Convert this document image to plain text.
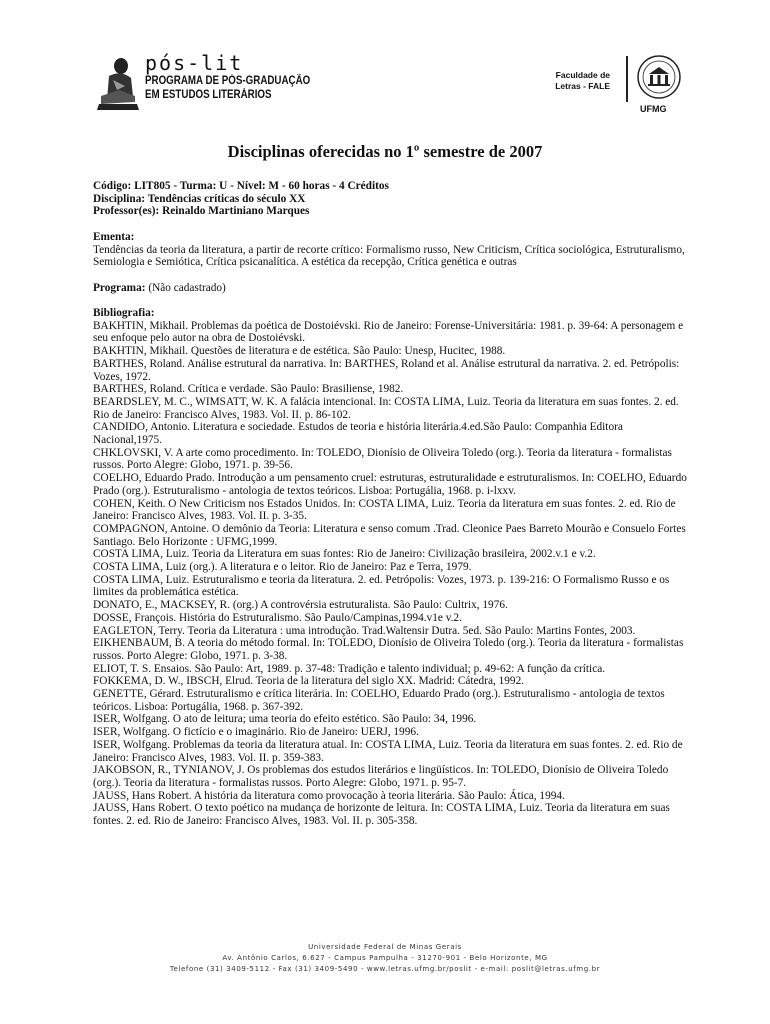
pós-lit
PROGRAMA DE PÓS-GRADUAÇÃO
EM ESTUDOS LITERÁRIOS
Faculdade de
Letras - FALE
UFMG
Disciplinas oferecidas no 1º semestre de 2007
Código: LIT805 - Turma: U - Nível: M - 60 horas - 4 Créditos
Disciplina: Tendências críticas do século XX
Professor(es): Reinaldo Martiniano Marques
Ementa:

Tendências da teoria da literatura, a partir de recorte crítico: Formalismo russo, New Criticism, Crítica sociológica, Estruturalismo, Semiologia e Semiótica, Crítica psicanalítica. A estética da recepção, Crítica genética e outras

Programa: (Não cadastrado)
Bibliografia:

BAKHTIN, Mikhail. Problemas da poética de Dostoiévski. Rio de Janeiro: Forense-Universitária: 1981. p. 39-64: A personagem e seu enfoque pelo autor na obra de Dostoiévski.

BAKHTIN, Mikhail. Questões de literatura e de estética. São Paulo: Unesp, Hucitec, 1988.

BARTHES, Roland. Análise estrutural da narrativa. In: BARTHES, Roland et al. Análise estrutural da narrativa. 2. ed. Petrópolis: Vozes, 1972.

BARTHES, Roland. Crítica e verdade. São Paulo: Brasiliense, 1982.

BEARDSLEY, M. C., WIMSATT, W. K. A falácia intencional. In: COSTA LIMA, Luiz. Teoria da literatura em suas fontes. 2. ed. Rio de Janeiro: Francisco Alves, 1983. Vol. II. p. 86-102.

CANDIDO, Antonio. Literatura e sociedade. Estudos de teoria e história literária.4.ed.São Paulo: Companhia Editora Nacional,1975.

CHKLOVSKI, V. A arte como procedimento. In: TOLEDO, Dionísio de Oliveira Toledo (org.). Teoria da literatura - formalistas russos. Porto Alegre: Globo, 1971. p. 39-56.

COELHO, Eduardo Prado. Introdução a um pensamento cruel: estruturas, estruturalidade e estruturalismos. In: COELHO, Eduardo Prado (org.). Estruturalismo - antologia de textos teóricos. Lisboa: Portugália, 1968. p. i-lxxv.

COHEN, Keith. O New Criticism nos Estados Unidos. In: COSTA LIMA, Luiz. Teoria da literatura em suas fontes. 2. ed. Rio de Janeiro: Francisco Alves, 1983. Vol. II. p. 3-35.

COMPAGNON, Antoine. O demônio da Teoria: Literatura e senso comum .Trad. Cleonice Paes Barreto Mourão e Consuelo Fortes Santiago. Belo Horizonte : UFMG,1999.

COSTA LIMA, Luiz. Teoria da Literatura em suas fontes: Rio de Janeiro: Civilização brasileira, 2002.v.1 e v.2.

COSTA LIMA, Luiz (org.). A literatura e o leitor. Rio de Janeiro: Paz e Terra, 1979.

COSTA LIMA, Luiz. Estruturalismo e teoria da literatura. 2. ed. Petrópolis: Vozes, 1973. p. 139-216: O Formalismo Russo e os limites da problemática estética.

DONATO, E., MACKSEY, R. (org.) A controvérsia estruturalista. São Paulo: Cultrix, 1976.

DOSSE, François. História do Estruturalismo. São Paulo/Campinas,1994.v1e v.2.

EAGLETON, Terry. Teoria da Literatura : uma introdução. Trad.Waltensir Dutra. 5ed. São Paulo: Martins Fontes, 2003.

EIKHENBAUM, B. A teoria do método formal. In: TOLEDO, Dionísio de Oliveira Toledo (org.). Teoria da literatura - formalistas russos. Porto Alegre: Globo, 1971. p. 3-38.

ELIOT, T. S. Ensaios. São Paulo: Art, 1989. p. 37-48: Tradição e talento individual; p. 49-62: A função da crítica.

FOKKEMA, D. W., IBSCH, Elrud. Teoria de la literatura del siglo XX. Madrid: Cátedra, 1992.

GENETTE, Gérard. Estruturalismo e crítica literária. In: COELHO, Eduardo Prado (org.). Estruturalismo - antologia de textos teóricos. Lisboa: Portugália, 1968. p. 367-392.

ISER, Wolfgang. O ato de leitura; uma teoria do efeito estético. São Paulo: 34, 1996.

ISER, Wolfgang. O fictício e o imaginário. Rio de Janeiro: UERJ, 1996.

ISER, Wolfgang. Problemas da teoria da literatura atual. In: COSTA LIMA, Luiz. Teoria da literatura em suas fontes. 2. ed. Rio de Janeiro: Francisco Alves, 1983. Vol. II. p. 359-383.

JAKOBSON, R., TYNIANOV, J. Os problemas dos estudos literários e lingüísticos. In: TOLEDO, Dionísio de Oliveira Toledo (org.). Teoria da literatura - formalistas russos. Porto Alegre: Globo, 1971. p. 95-7.

JAUSS, Hans Robert. A história da literatura como provocação à teoria literária. São Paulo: Ática, 1994.

JAUSS, Hans Robert. O texto poético na mudança de horizonte de leitura. In: COSTA LIMA, Luiz. Teoria da literatura em suas fontes. 2. ed. Rio de Janeiro: Francisco Alves, 1983. Vol. II. p. 305-358.

Universidade Federal de Minas Gerais
Av. Antônio Carlos, 6.627 - Campus Pampulha - 31270-901 - Belo Horizonte, MG
Telefone (31) 3409-5112 - Fax (31) 3409-5490 - www.letras.ufmg.br/poslit - e-mail: poslit@letras.ufmg.br
